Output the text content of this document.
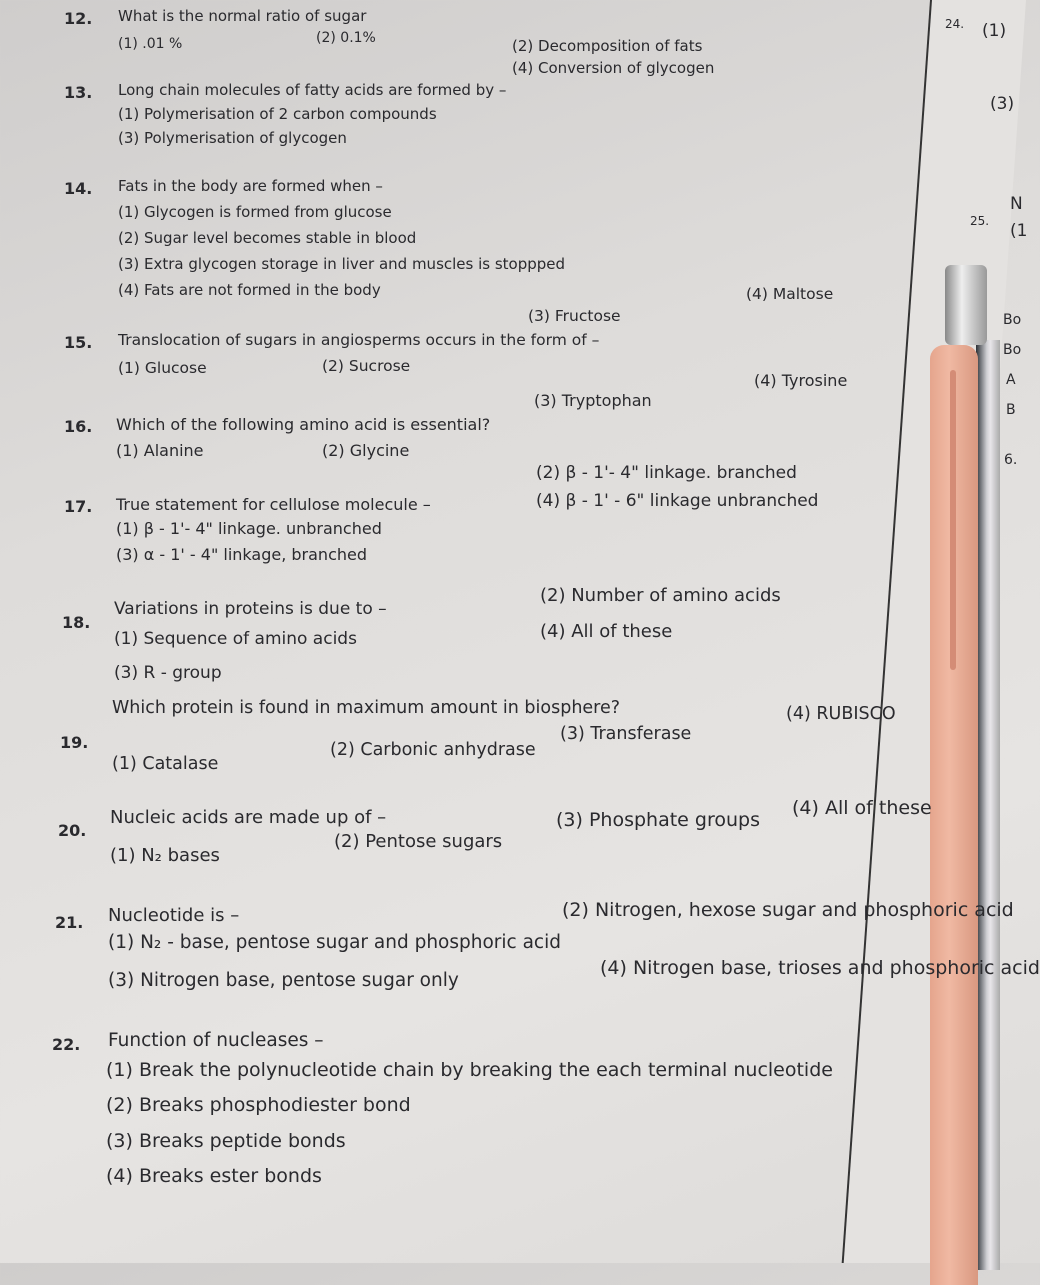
24. (1)
(3)
25.
N
(1
Bo
Bo
A
B
6.
12. What is the normal ratio of sugar
(1) .01 %	(2) 0.1%
13. Long chain molecules of fatty acids are formed by –
(1) Polymerisation of 2 carbon compounds
(2) Decomposition of fats
(3) Polymerisation of glycogen
(4) Conversion of glycogen
14. Fats in the body are formed when –
(1) Glycogen is formed from glucose
(2) Sugar level becomes stable in blood
(3) Extra glycogen storage in liver and muscles is stoppped
(4) Fats are not formed in the body
15. Translocation of sugars in angiosperms occurs in the form of –
(1) Glucose	(2) Sucrose
(3) Fructose
(4) Maltose
16. Which of the following amino acid is essential?
(1) Alanine	(2) Glycine
(3) Tryptophan
(4) Tyrosine
17. True statement for cellulose molecule –
(1) β - 1'- 4" linkage. unbranched
(2) β - 1'- 4" linkage. branched
(3) α - 1' - 4" linkage, branched
(4) β - 1' - 6" linkage unbranched
18.
Variations in proteins is due to –
(1) Sequence of amino acids
(2) Number of amino acids
(3) R - group
(4) All of these
19.
Which protein is found in maximum amount in biosphere?
(1) Catalase
(2) Carbonic anhydrase
(3) Transferase
(4) RUBISCO
20.
Nucleic acids are made up of –
(1) N₂ bases
(2) Pentose sugars
(3) Phosphate groups
(4) All of these
21. Nucleotide is –
(1) N₂ - base, pentose sugar and phosphoric acid
(2) Nitrogen, hexose sugar and phosphoric acid
(3) Nitrogen base, pentose sugar only
(4) Nitrogen base, trioses and phosphoric acid
22. Function of nucleases –
(1) Break the polynucleotide chain by breaking the each terminal nucleotide
(2) Breaks phosphodiester bond
(3) Breaks peptide bonds
(4) Breaks ester bonds
